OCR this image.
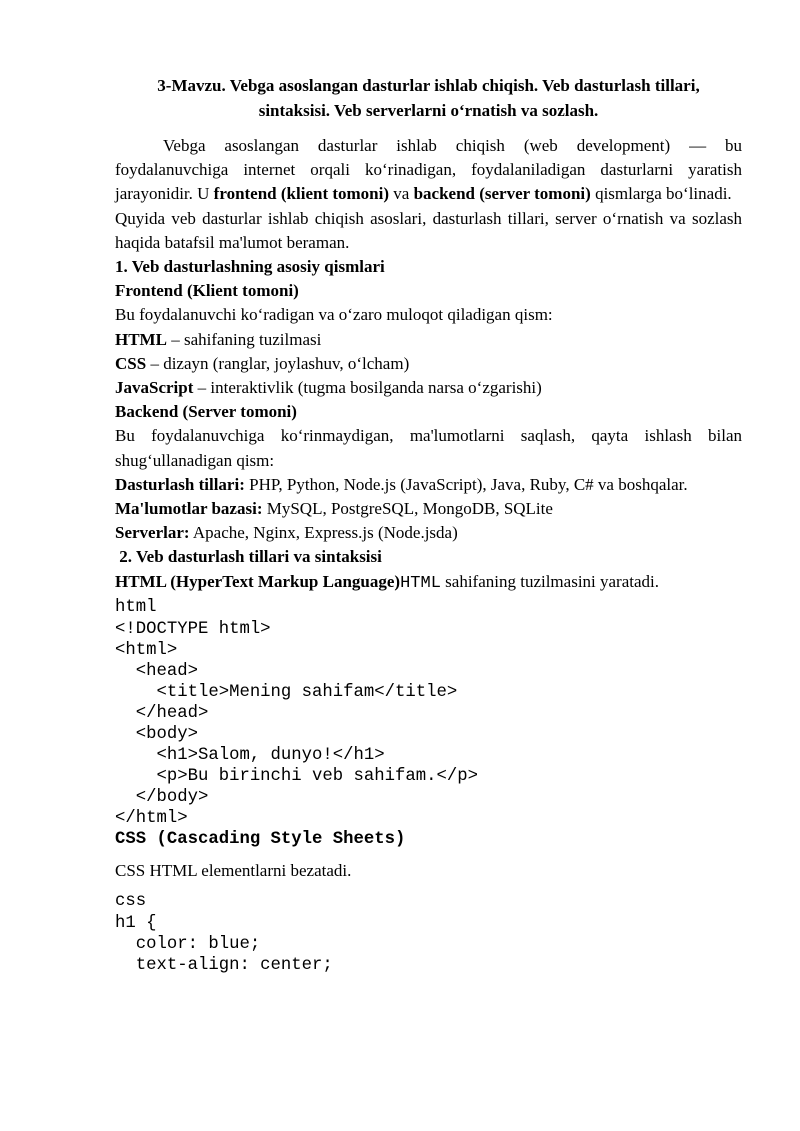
3-Mavzu. Vebga asoslangan dasturlar ishlab chiqish. Veb dasturlash tillari,
sintaksisi. Veb serverlarni o‘rnatish va sozlash.

Vebga asoslangan dasturlar ishlab chiqish (web development) — bu foydalanuvchiga internet orqali ko‘rinadigan, foydalaniladigan dasturlarni yaratish jarayonidir. U frontend (klient tomoni) va backend (server tomoni) qismlarga bo‘linadi.

Quyida veb dasturlar ishlab chiqish asoslari, dasturlash tillari, server o‘rnatish va sozlash haqida batafsil ma'lumot beraman.

1. Veb dasturlashning asosiy qismlari

Frontend (Klient tomoni)

Bu foydalanuvchi ko‘radigan va o‘zaro muloqot qiladigan qism:

HTML – sahifaning tuzilmasi

CSS – dizayn (ranglar, joylashuv, o‘lcham)

JavaScript – interaktivlik (tugma bosilganda narsa o‘zgarishi)

Backend (Server tomoni)

Bu foydalanuvchiga ko‘rinmaydigan, ma'lumotlarni saqlash, qayta ishlash bilan shug‘ullanadigan qism:

Dasturlash tillari: PHP, Python, Node.js (JavaScript), Java, Ruby, C# va boshqalar.

Ma'lumotlar bazasi: MySQL, PostgreSQL, MongoDB, SQLite

Serverlar: Apache, Nginx, Express.js (Node.jsda)

2. Veb dasturlash tillari va sintaksisi

HTML (HyperText Markup Language)HTML sahifaning tuzilmasini yaratadi.

html
<!DOCTYPE html>
<html>
<head>
<title>Mening sahifam</title>
</head>
<body>
<h1>Salom, dunyo!</h1>
<p>Bu birinchi veb sahifam.</p>
</body>
</html>
CSS (Cascading Style Sheets)

CSS HTML elementlarni bezatadi.

css
h1 {
color: blue;
text-align: center;
